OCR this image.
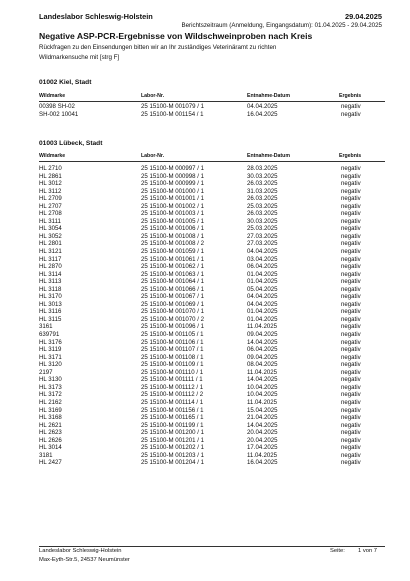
Landeslabor Schleswig-Holstein	29.04.2025
Berichtszeitraum (Anmeldung, Eingangsdatum): 01.04.2025 - 29.04.2025
Negative ASP-PCR-Ergebnisse von Wildschweinproben nach Kreis
Rückfragen zu den Einsendungen bitten wir an Ihr zuständiges Veterinäramt zu richten
Wildmarkensuche mit [strg F]
01002 Kiel, Stadt
Wildmarke	Labor-Nr.	Entnahme-Datum	Ergebnis
00398 SH-02	25 15100-M 001079 / 1	04.04.2025	negativ
SH-002 10041	25 15100-M 001154 / 1	16.04.2025	negativ
01003 Lübeck, Stadt
Wildmarke	Labor-Nr.	Entnahme-Datum	Ergebnis
HL 2710	25 15100-M 000997 / 1	28.03.2025	negativ
HL 2861	25 15100-M 000998 / 1	30.03.2025	negativ
HL 3012	25 15100-M 000999 / 1	26.03.2025	negativ
HL 3112	25 15100-M 001000 / 1	31.03.2025	negativ
HL 2709	25 15100-M 001001 / 1	26.03.2025	negativ
HL 2707	25 15100-M 001002 / 1	25.03.2025	negativ
HL 2708	25 15100-M 001003 / 1	26.03.2025	negativ
HL 3111	25 15100-M 001005 / 1	30.03.2025	negativ
HL 3054	25 15100-M 001006 / 1	25.03.2025	negativ
HL 3052	25 15100-M 001008 / 1	27.03.2025	negativ
HL 2801	25 15100-M 001008 / 2	27.03.2025	negativ
HL 3121	25 15100-M 001059 / 1	04.04.2025	negativ
HL 3117	25 15100-M 001061 / 1	03.04.2025	negativ
HL 2870	25 15100-M 001062 / 1	06.04.2025	negativ
HL 3114	25 15100-M 001063 / 1	01.04.2025	negativ
HL 3113	25 15100-M 001064 / 1	01.04.2025	negativ
HL 3118	25 15100-M 001066 / 1	05.04.2025	negativ
HL 3170	25 15100-M 001067 / 1	04.04.2025	negativ
HL 3013	25 15100-M 001069 / 1	04.04.2025	negativ
HL 3116	25 15100-M 001070 / 1	01.04.2025	negativ
HL 3115	25 15100-M 001070 / 2	01.04.2025	negativ
3161	25 15100-M 001096 / 1	11.04.2025	negativ
639791	25 15100-M 001105 / 1	09.04.2025	negativ
HL 3176	25 15100-M 001106 / 1	14.04.2025	negativ
HL 3119	25 15100-M 001107 / 1	06.04.2025	negativ
HL 3171	25 15100-M 001108 / 1	09.04.2025	negativ
HL 3120	25 15100-M 001109 / 1	08.04.2025	negativ
2197	25 15100-M 001110 / 1	11.04.2025	negativ
HL 3130	25 15100-M 001111 / 1	14.04.2025	negativ
HL 3173	25 15100-M 001112 / 1	10.04.2025	negativ
HL 3172	25 15100-M 001112 / 2	10.04.2025	negativ
HL 2162	25 15100-M 001114 / 1	11.04.2025	negativ
HL 3169	25 15100-M 001156 / 1	15.04.2025	negativ
HL 3168	25 15100-M 001165 / 1	21.04.2025	negativ
HL 2621	25 15100-M 001199 / 1	14.04.2025	negativ
HL 2623	25 15100-M 001200 / 1	20.04.2025	negativ
HL 2626	25 15100-M 001201 / 1	20.04.2025	negativ
HL 3014	25 15100-M 001202 / 1	17.04.2025	negativ
3181	25 15100-M 001203 / 1	11.04.2025	negativ
HL 2427	25 15100-M 001204 / 1	16.04.2025	negativ
Landeslabor Schleswig-Holstein
Max-Eyth-Str.5, 24537 Neumünster
Seite: 1 von 7
